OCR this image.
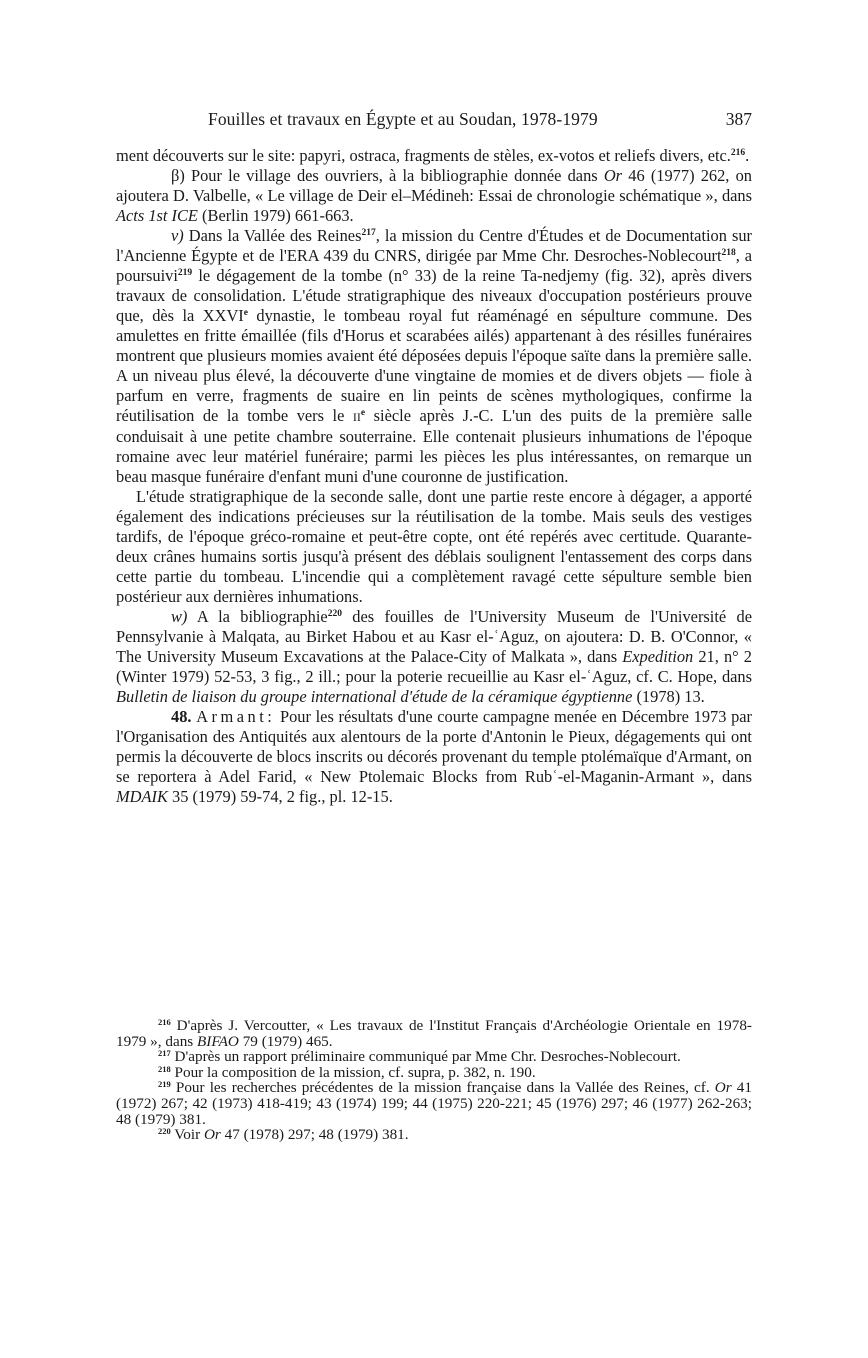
Fouilles et travaux en Égypte et au Soudan, 1978-1979	387

ment découverts sur le site: papyri, ostraca, fragments de stèles, ex-votos et reliefs divers, etc.$^{216}$.

β) Pour le village des ouvriers, à la bibliographie donnée dans Or 46 (1977) 262, on ajoutera D. Valbelle, « Le village de Deir el–Médineh: Essai de chronologie schématique », dans Acts 1st ICE (Berlin 1979) 661-663.

v) Dans la Vallée des Reines$^{217}$, la mission du Centre d'Études et de Documentation sur l'Ancienne Égypte et de l'ERA 439 du CNRS, dirigée par Mme Chr. Desroches-Noblecourt$^{218}$, a poursuivi$^{219}$ le dégagement de la tombe (n° 33) de la reine Ta-nedjemy (fig. 32), après divers travaux de consolidation. L'étude stratigraphique des niveaux d'occupation postérieurs prouve que, dès la XXVIe dynastie, le tombeau royal fut réaménagé en sépulture commune. Des amulettes en fritte émaillée (fils d'Horus et scarabées ailés) appartenant à des résilles funéraires montrent que plusieurs momies avaient été déposées depuis l'époque saïte dans la première salle. A un niveau plus élevé, la découverte d'une vingtaine de momies et de divers objets — fiole à parfum en verre, fragments de suaire en lin peints de scènes mythologiques, confirme la réutilisation de la tombe vers le IIe siècle après J.-C. L'un des puits de la première salle conduisait à une petite chambre souterraine. Elle contenait plusieurs inhumations de l'époque romaine avec leur matériel funéraire; parmi les pièces les plus intéressantes, on remarque un beau masque funéraire d'enfant muni d'une couronne de justification.

L'étude stratigraphique de la seconde salle, dont une partie reste encore à dégager, a apporté également des indications précieuses sur la réutilisation de la tombe. Mais seuls des vestiges tardifs, de l'époque gréco-romaine et peut-être copte, ont été repérés avec certitude. Quarante-deux crânes humains sortis jusqu'à présent des déblais soulignent l'entassement des corps dans cette partie du tombeau. L'incendie qui a complètement ravagé cette sépulture semble bien postérieur aux dernières inhumations.

w) A la bibliographie$^{220}$ des fouilles de l'University Museum de l'Université de Pennsylvanie à Malqata, au Birket Habou et au Kasr el-ʿAguz, on ajoutera: D. B. O'Connor, « The University Museum Excavations at the Palace-City of Malkata », dans Expedition 21, n° 2 (Winter 1979) 52-53, 3 fig., 2 ill.; pour la poterie recueillie au Kasr el-ʿAguz, cf. C. Hope, dans Bulletin de liaison du groupe international d'étude de la céramique égyptienne (1978) 13.

48. Armant: Pour les résultats d'une courte campagne menée en Décembre 1973 par l'Organisation des Antiquités aux alentours de la porte d'Antonin le Pieux, dégagements qui ont permis la découverte de blocs inscrits ou décorés provenant du temple ptolémaïque d'Armant, on se reportera à Adel Farid, « New Ptolemaic Blocks from Rubʿ-el-Maganin-Armant », dans MDAIK 35 (1979) 59-74, 2 fig., pl. 12-15.

$^{216}$ D'après J. Vercoutter, « Les travaux de l'Institut Français d'Archéologie Orientale en 1978-1979 », dans BIFAO 79 (1979) 465.

$^{217}$ D'après un rapport préliminaire communiqué par Mme Chr. Desroches-Noblecourt.

$^{218}$ Pour la composition de la mission, cf. supra, p. 382, n. 190.

$^{219}$ Pour les recherches précédentes de la mission française dans la Vallée des Reines, cf. Or 41 (1972) 267; 42 (1973) 418-419; 43 (1974) 199; 44 (1975) 220-221; 45 (1976) 297; 46 (1977) 262-263; 48 (1979) 381.

$^{220}$ Voir Or 47 (1978) 297; 48 (1979) 381.
